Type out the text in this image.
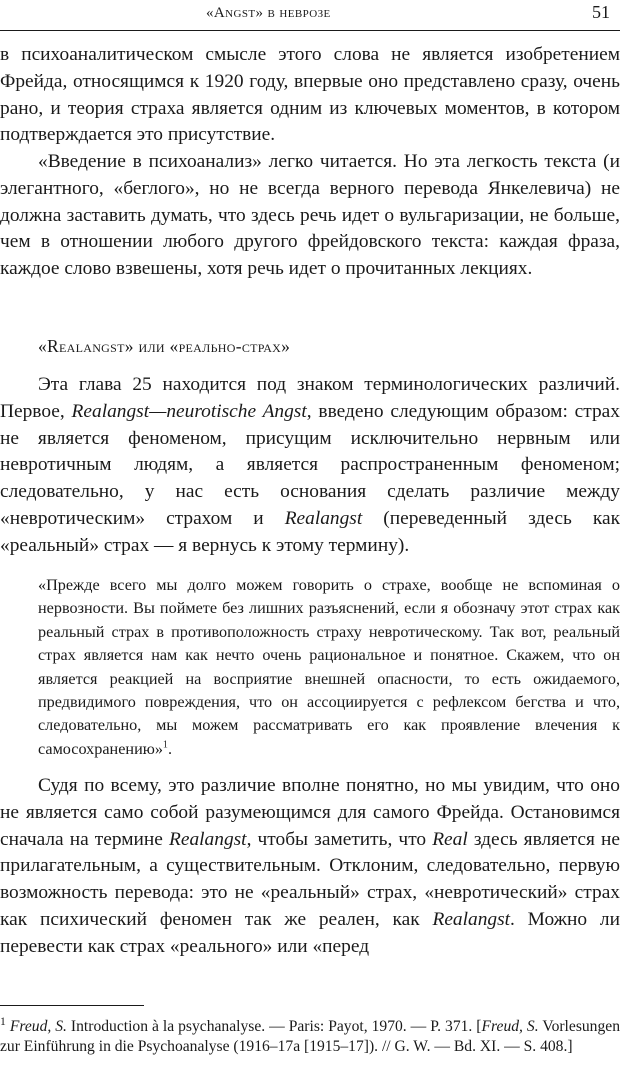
«Angst» в неврозе	51

в психоаналитическом смысле этого слова не является изобретением Фрейда, относящимся к 1920 году, впервые оно представлено сразу, очень рано, и теория страха является одним из ключевых моментов, в котором подтверждается это присутствие.

«Введение в психоанализ» легко читается. Но эта легкость текста (и элегантного, «беглого», но не всегда верного перевода Янкелевича) не должна заставить думать, что здесь речь идет о вульгаризации, не больше, чем в отношении любого другого фрейдовского текста: каждая фраза, каждое слово взвешены, хотя речь идет о прочитанных лекциях.

«Realangst» или «реально-страх»

Эта глава 25 находится под знаком терминологических различий. Первое, Realangst—neurotische Angst, введено следующим образом: страх не является феноменом, присущим исключительно нервным или невротичным людям, а является распространенным феноменом; следовательно, у нас есть основания сделать различие между «невротическим» страхом и Realangst (переведенный здесь как «реальный» страх — я вернусь к этому термину).

«Прежде всего мы долго можем говорить о страхе, вообще не вспоминая о нервозности. Вы поймете без лишних разъяснений, если я обозначу этот страх как реальный страх в противоположность страху невротическому. Так вот, реальный страх является нам как нечто очень рациональное и понятное. Скажем, что он является реакцией на восприятие внешней опасности, то есть ожидаемого, предвидимого повреждения, что он ассоциируется с рефлексом бегства и что, следовательно, мы можем рассматривать его как проявление влечения к самосохранению»$^1$.

Судя по всему, это различие вполне понятно, но мы увидим, что оно не является само собой разумеющимся для самого Фрейда. Остановимся сначала на термине Realangst, чтобы заметить, что Real здесь является не прилагательным, а существительным. Отклоним, следовательно, первую возможность перевода: это не «реальный» страх, «невротический» страх как психический феномен так же реален, как Realangst. Можно ли перевести как страх «реального» или «перед

$^1$ Freud, S. Introduction à la psychanalyse. — Paris: Payot, 1970. — P. 371. [Freud, S. Vorlesungen zur Einführung in die Psychoanalyse (1916–17a [1915–17]). // G. W. — Bd. XI. — S. 408.]
